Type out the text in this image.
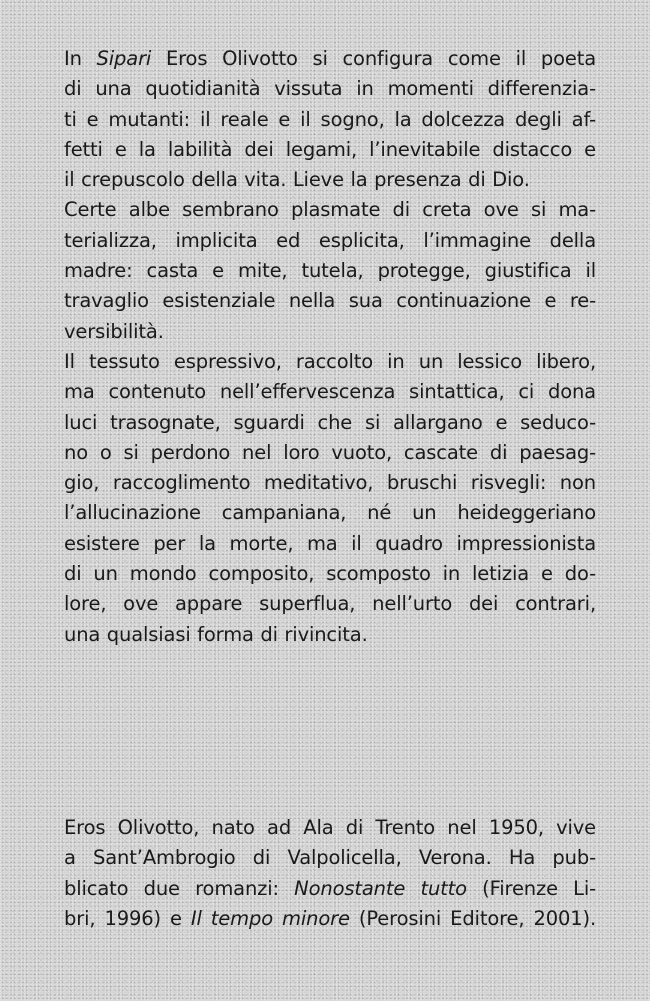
In Sipari Eros Olivotto si configura come il poeta
di una quotidianità vissuta in momenti differenzia-
ti e mutanti: il reale e il sogno, la dolcezza degli af-
fetti e la labilità dei legami, l’inevitabile distacco e
il crepuscolo della vita. Lieve la presenza di Dio.
Certe albe sembrano plasmate di creta ove si ma-
terializza, implicita ed esplicita, l’immagine della
madre: casta e mite, tutela, protegge, giustifica il
travaglio esistenziale nella sua continuazione e re-
versibilità.
Il tessuto espressivo, raccolto in un lessico libero,
ma contenuto nell’effervescenza sintattica, ci dona
luci trasognate, sguardi che si allargano e seduco-
no o si perdono nel loro vuoto, cascate di paesag-
gio, raccoglimento meditativo, bruschi risvegli: non
l’allucinazione campaniana, né un heideggeriano
esistere per la morte, ma il quadro impressionista
di un mondo composito, scomposto in letizia e do-
lore, ove appare superflua, nell’urto dei contrari,
una qualsiasi forma di rivincita.
Eros Olivotto, nato ad Ala di Trento nel 1950, vive
a Sant’Ambrogio di Valpolicella, Verona. Ha pub-
blicato due romanzi: Nonostante tutto (Firenze Li-
bri, 1996) e Il tempo minore (Perosini Editore, 2001).
